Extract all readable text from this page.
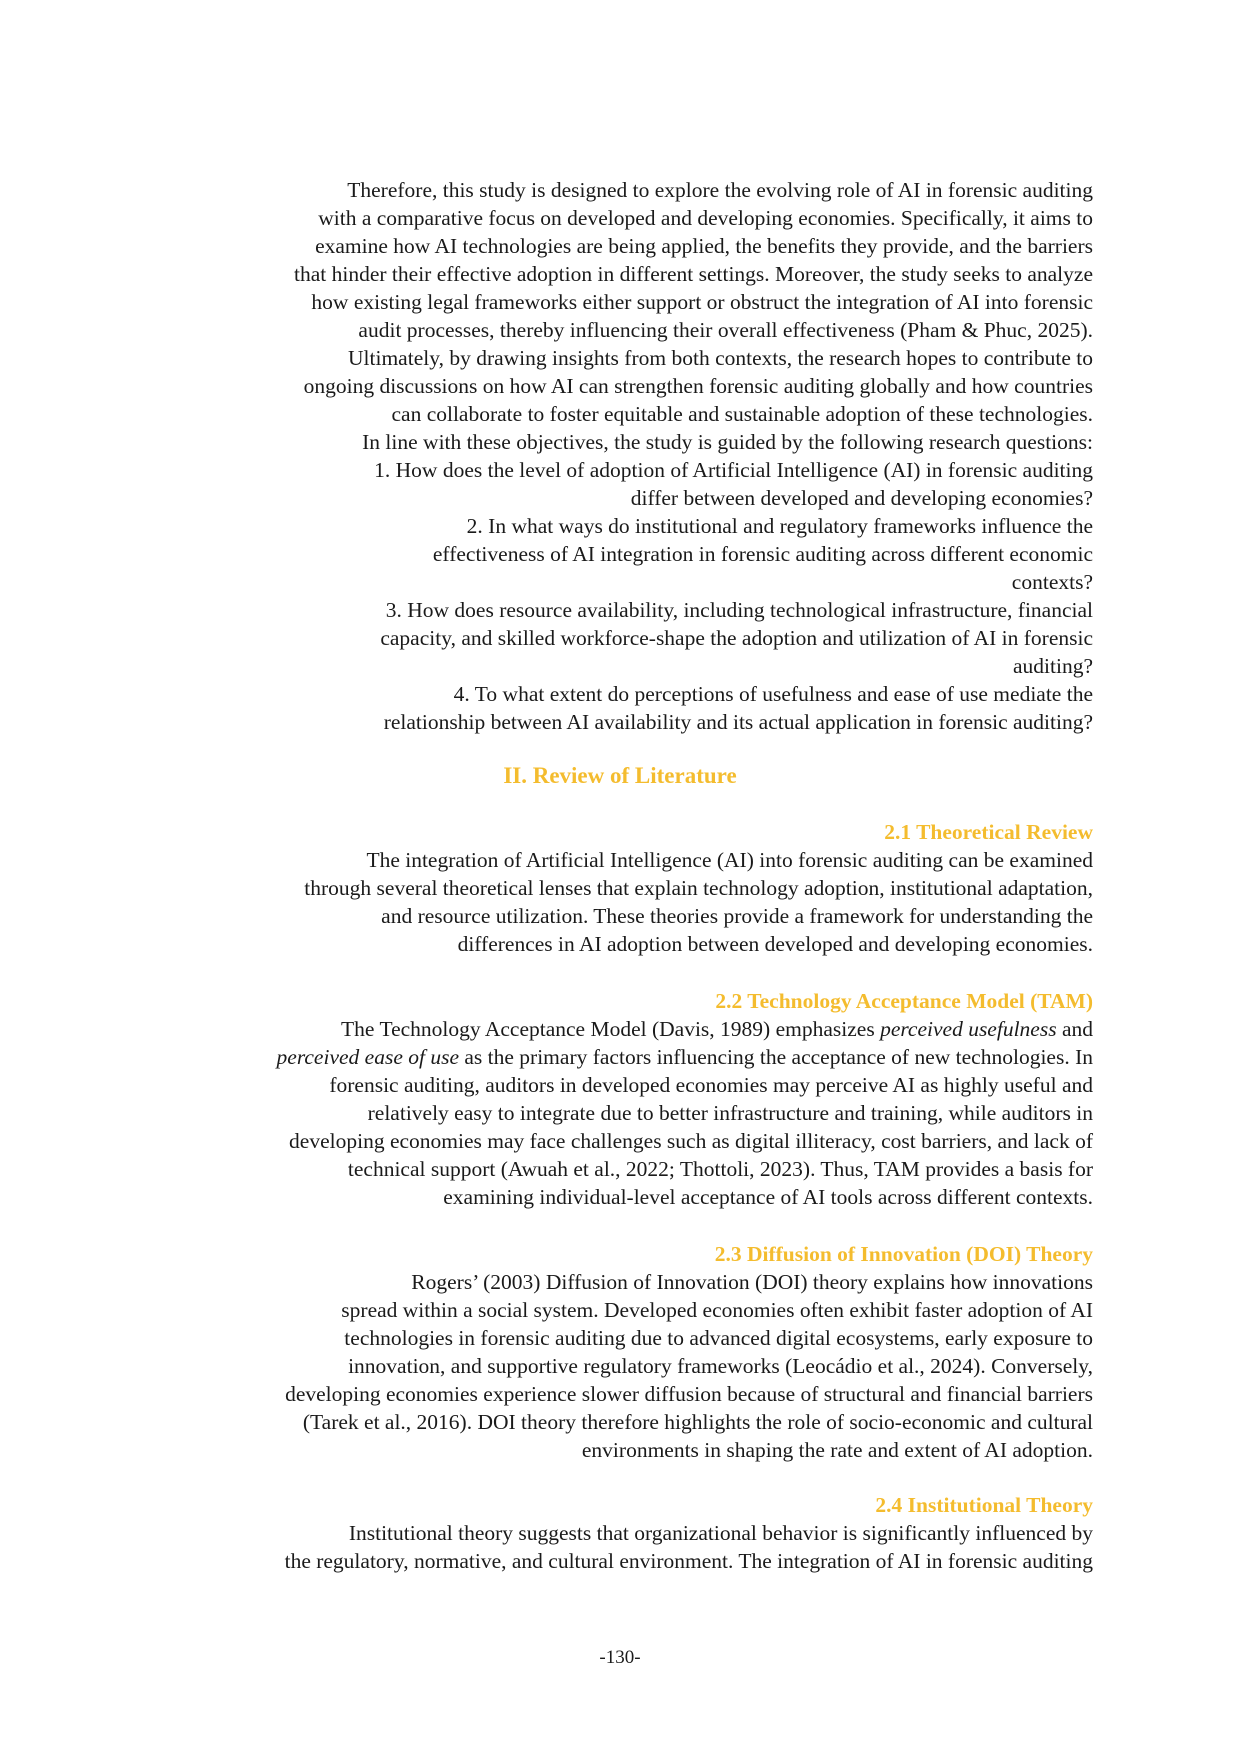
Therefore, this study is designed to explore the evolving role of AI in forensic auditing
with a comparative focus on developed and developing economies. Specifically, it aims to
examine how AI technologies are being applied, the benefits they provide, and the barriers
that hinder their effective adoption in different settings. Moreover, the study seeks to analyze
how existing legal frameworks either support or obstruct the integration of AI into forensic
audit processes, thereby influencing their overall effectiveness (Pham & Phuc, 2025).
Ultimately, by drawing insights from both contexts, the research hopes to contribute to
ongoing discussions on how AI can strengthen forensic auditing globally and how countries
can collaborate to foster equitable and sustainable adoption of these technologies.
In line with these objectives, the study is guided by the following research questions:
1. How does the level of adoption of Artificial Intelligence (AI) in forensic auditing
differ between developed and developing economies?
2. In what ways do institutional and regulatory frameworks influence the
effectiveness of AI integration in forensic auditing across different economic
contexts?
3. How does resource availability, including technological infrastructure, financial
capacity, and skilled workforce-shape the adoption and utilization of AI in forensic
auditing?
4. To what extent do perceptions of usefulness and ease of use mediate the
relationship between AI availability and its actual application in forensic auditing?
II. Review of Literature
2.1 Theoretical Review
The integration of Artificial Intelligence (AI) into forensic auditing can be examined
through several theoretical lenses that explain technology adoption, institutional adaptation,
and resource utilization. These theories provide a framework for understanding the
differences in AI adoption between developed and developing economies.
2.2 Technology Acceptance Model (TAM)
The Technology Acceptance Model (Davis, 1989) emphasizes perceived usefulness and
perceived ease of use as the primary factors influencing the acceptance of new technologies. In
forensic auditing, auditors in developed economies may perceive AI as highly useful and
relatively easy to integrate due to better infrastructure and training, while auditors in
developing economies may face challenges such as digital illiteracy, cost barriers, and lack of
technical support (Awuah et al., 2022; Thottoli, 2023). Thus, TAM provides a basis for
examining individual-level acceptance of AI tools across different contexts.
2.3 Diffusion of Innovation (DOI) Theory
Rogers’ (2003) Diffusion of Innovation (DOI) theory explains how innovations
spread within a social system. Developed economies often exhibit faster adoption of AI
technologies in forensic auditing due to advanced digital ecosystems, early exposure to
innovation, and supportive regulatory frameworks (Leocádio et al., 2024). Conversely,
developing economies experience slower diffusion because of structural and financial barriers
(Tarek et al., 2016). DOI theory therefore highlights the role of socio-economic and cultural
environments in shaping the rate and extent of AI adoption.
2.4 Institutional Theory
Institutional theory suggests that organizational behavior is significantly influenced by
the regulatory, normative, and cultural environment. The integration of AI in forensic auditing
-130-
